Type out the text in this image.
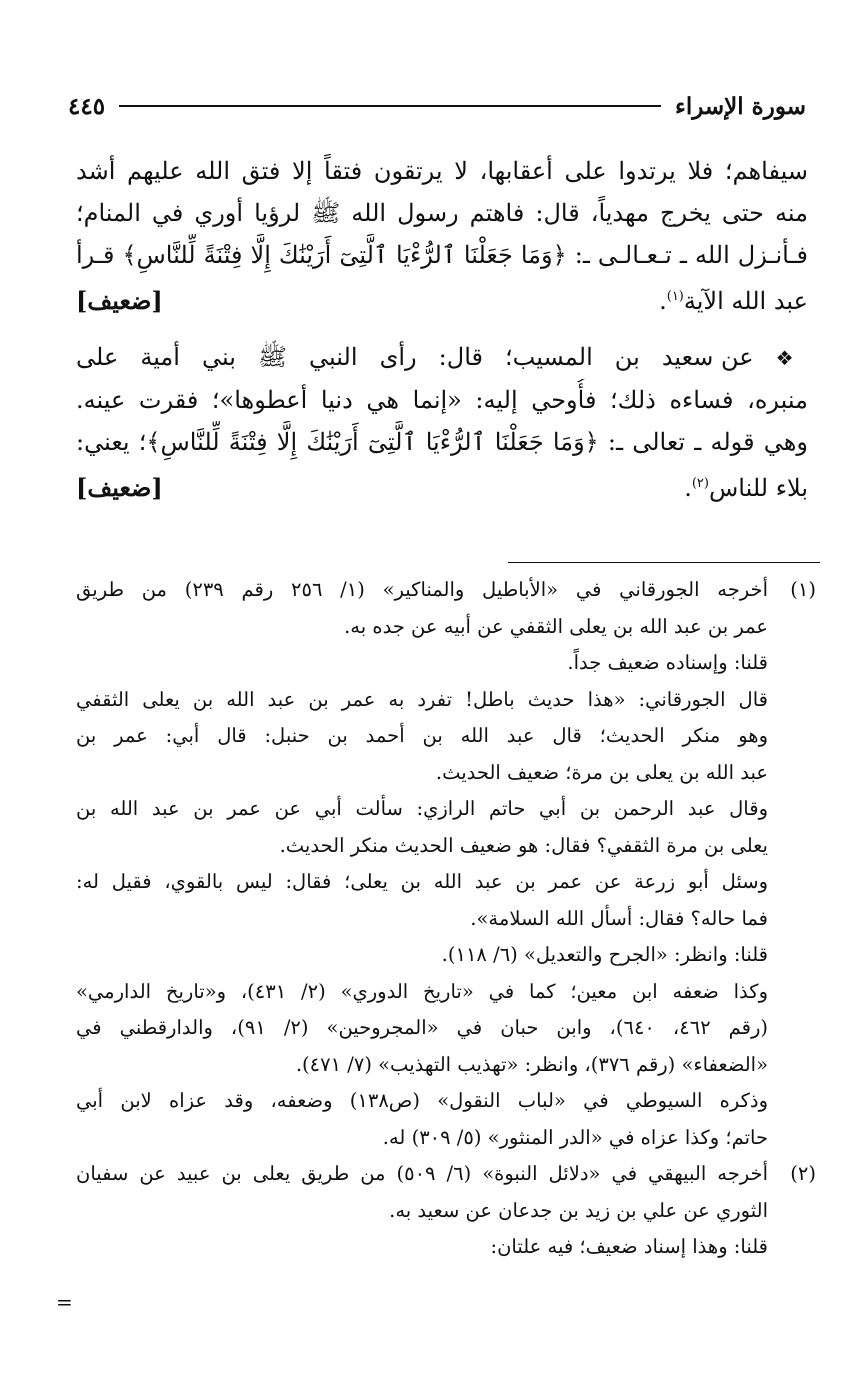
سورة الإسراء
٤٤٥
سيفاهم؛ فلا يرتدوا على أعقابها، لا يرتقون فتقاً إلا فتق الله عليهم أشد
منه حتى يخرج مهدياً، قال: فاهتم رسول الله ﷺ لرؤيا أوري في المنام؛
فـأنـزل الله ـ تـعـالـى ـ: ﴿وَمَا جَعَلْنَا ٱلرُّءْيَا ٱلَّتِىٓ أَرَيْنَٰكَ إِلَّا فِتْنَةً لِّلنَّاسِ﴾ قـرأ
عبد الله الآية$^{(١)}$.
[ضعيف]
❖ عن سعيد بن المسيب؛ قال: رأى النبي ﷺ بني أمية على
منبره، فساءه ذلك؛ فأُوحي إليه: «إنما هي دنيا أعطوها»؛ فقرت عينه.
وهي قوله ـ تعالى ـ: ﴿وَمَا جَعَلْنَا ٱلرُّءْيَا ٱلَّتِىٓ أَرَيْنَٰكَ إِلَّا فِتْنَةً لِّلنَّاسِ﴾؛ يعني:
بلاء للناس$^{(٢)}$.
[ضعيف]
(١)
أخرجه الجورقاني في «الأباطيل والمناكير» (١/ ٢٥٦ رقم ٢٣٩) من طريق
عمر بن عبد الله بن يعلى الثقفي عن أبيه عن جده به.
قلنا: وإسناده ضعيف جداً.
قال الجورقاني: «هذا حديث باطل! تفرد به عمر بن عبد الله بن يعلى الثقفي
وهو منكر الحديث؛ قال عبد الله بن أحمد بن حنبل: قال أبي: عمر بن
عبد الله بن يعلى بن مرة؛ ضعيف الحديث.
وقال عبد الرحمن بن أبي حاتم الرازي: سألت أبي عن عمر بن عبد الله بن
يعلى بن مرة الثقفي؟ فقال: هو ضعيف الحديث منكر الحديث.
وسئل أبو زرعة عن عمر بن عبد الله بن يعلى؛ فقال: ليس بالقوي، فقيل له:
فما حاله؟ فقال: أسأل الله السلامة».
قلنا: وانظر: «الجرح والتعديل» (٦/ ١١٨).
وكذا ضعفه ابن معين؛ كما في «تاريخ الدوري» (٢/ ٤٣١)، و«تاريخ الدارمي»
(رقم ٤٦٢، ٦٤٠)، وابن حبان في «المجروحين» (٢/ ٩١)، والدارقطني في
«الضعفاء» (رقم ٣٧٦)، وانظر: «تهذيب التهذيب» (٧/ ٤٧١).
وذكره السيوطي في «لباب النقول» (ص١٣٨) وضعفه، وقد عزاه لابن أبي
حاتم؛ وكذا عزاه في «الدر المنثور» (٥/ ٣٠٩) له.
(٢)
أخرجه البيهقي في «دلائل النبوة» (٦/ ٥٠٩) من طريق يعلى بن عبيد عن سفيان
الثوري عن علي بن زيد بن جدعان عن سعيد به.
قلنا: وهذا إسناد ضعيف؛ فيه علتان:
=
